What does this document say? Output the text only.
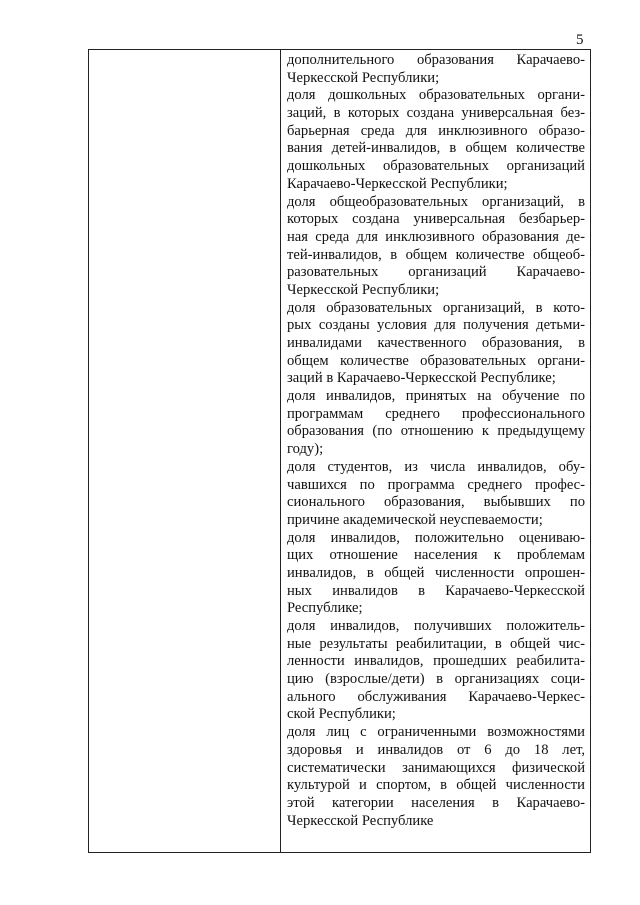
5
дополнительного образования Карачаево-
Черкесской Республики;
доля дошкольных образовательных органи-
заций, в которых создана универсальная без-
барьерная среда для инклюзивного образо-
вания детей-инвалидов, в общем количестве
дошкольных образовательных организаций
Карачаево-Черкесской Республики;
доля общеобразовательных организаций, в
которых создана универсальная безбарьер-
ная среда для инклюзивного образования де-
тей-инвалидов, в общем количестве общеоб-
разовательных организаций Карачаево-
Черкесской Республики;
доля образовательных организаций, в кото-
рых созданы условия для получения детьми-
инвалидами качественного образования, в
общем количестве образовательных органи-
заций в Карачаево-Черкесской Республике;
доля инвалидов, принятых на обучение по
программам среднего профессионального
образования (по отношению к предыдущему
году);
доля студентов, из числа инвалидов, обу-
чавшихся по программа среднего профес-
сионального образования, выбывших по
причине академической неуспеваемости;
доля инвалидов, положительно оцениваю-
щих отношение населения к проблемам
инвалидов, в общей численности опрошен-
ных инвалидов в Карачаево-Черкесской
Республике;
доля инвалидов, получивших положитель-
ные результаты реабилитации, в общей чис-
ленности инвалидов, прошедших реабилита-
цию (взрослые/дети) в организациях соци-
ального обслуживания Карачаево-Черкес-
ской Республики;
доля лиц с ограниченными возможностями
здоровья и инвалидов от 6 до 18 лет,
систематически занимающихся физической
культурой и спортом, в общей численности
этой категории населения в Карачаево-
Черкесской Республике
